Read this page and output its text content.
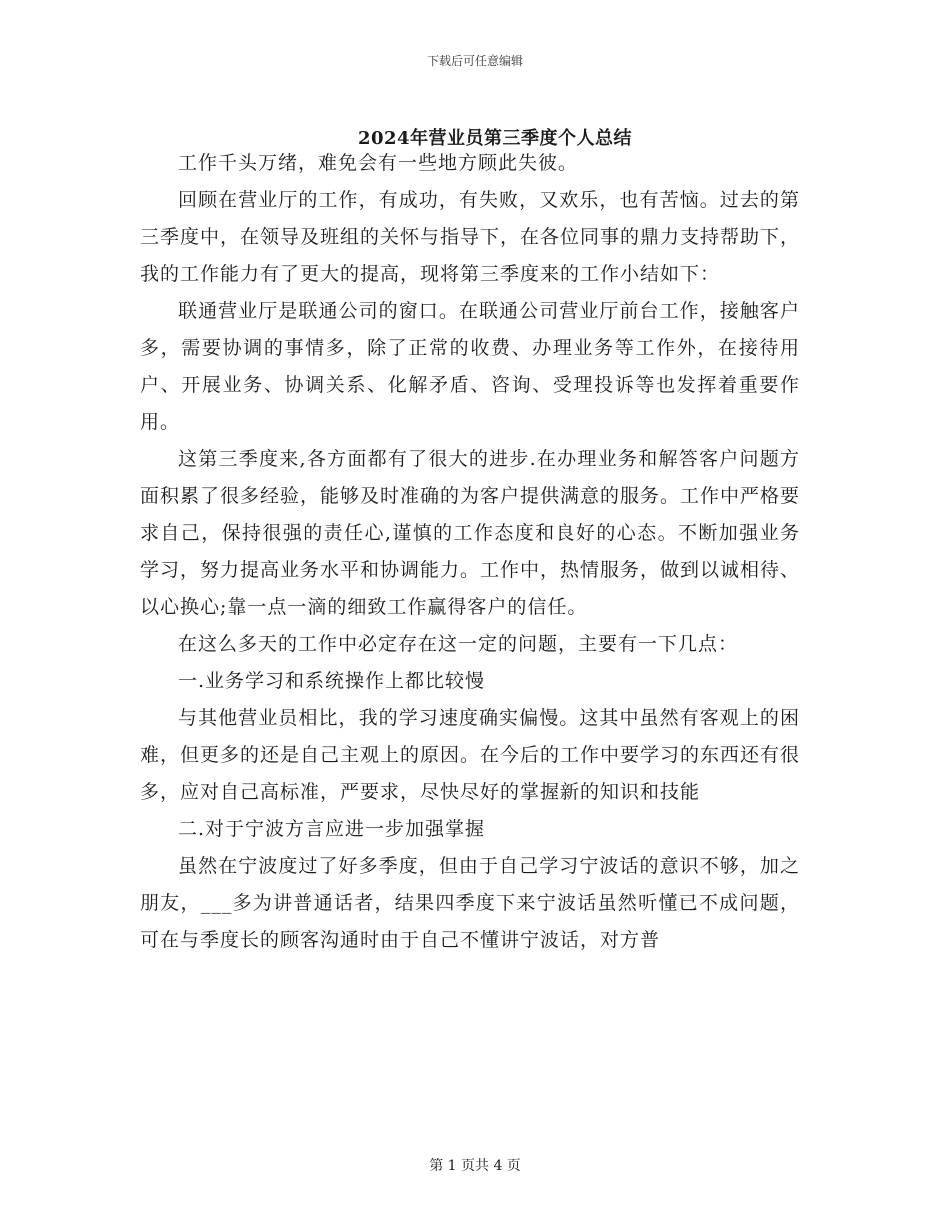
下载后可任意编辑
2024年营业员第三季度个人总结

工作千头万绪，难免会有一些地方顾此失彼。

回顾在营业厅的工作，有成功，有失败，又欢乐，也有苦恼。过去的第三季度中，在领导及班组的关怀与指导下，在各位同事的鼎力支持帮助下，我的工作能力有了更大的提高，现将第三季度来的工作小结如下：

联通营业厅是联通公司的窗口。在联通公司营业厅前台工作，接触客户多，需要协调的事情多，除了正常的收费、办理业务等工作外，在接待用户、开展业务、协调关系、化解矛盾、咨询、受理投诉等也发挥着重要作用。

这第三季度来,各方面都有了很大的进步.在办理业务和解答客户问题方面积累了很多经验，能够及时准确的为客户提供满意的服务。工作中严格要求自己，保持很强的责任心,谨慎的工作态度和良好的心态。不断加强业务学习，努力提高业务水平和协调能力。工作中，热情服务，做到以诚相待、以心换心;靠一点一滴的细致工作赢得客户的信任。

在这么多天的工作中必定存在这一定的问题，主要有一下几点：

一.业务学习和系统操作上都比较慢

与其他营业员相比，我的学习速度确实偏慢。这其中虽然有客观上的困难，但更多的还是自己主观上的原因。在今后的工作中要学习的东西还有很多，应对自己高标准，严要求，尽快尽好的掌握新的知识和技能

二.对于宁波方言应进一步加强掌握

虽然在宁波度过了好多季度，但由于自己学习宁波话的意识不够，加之朋友，___多为讲普通话者，结果四季度下来宁波话虽然听懂已不成问题，可在与季度长的顾客沟通时由于自己不懂讲宁波话，对方普

第 1 页共 4 页
